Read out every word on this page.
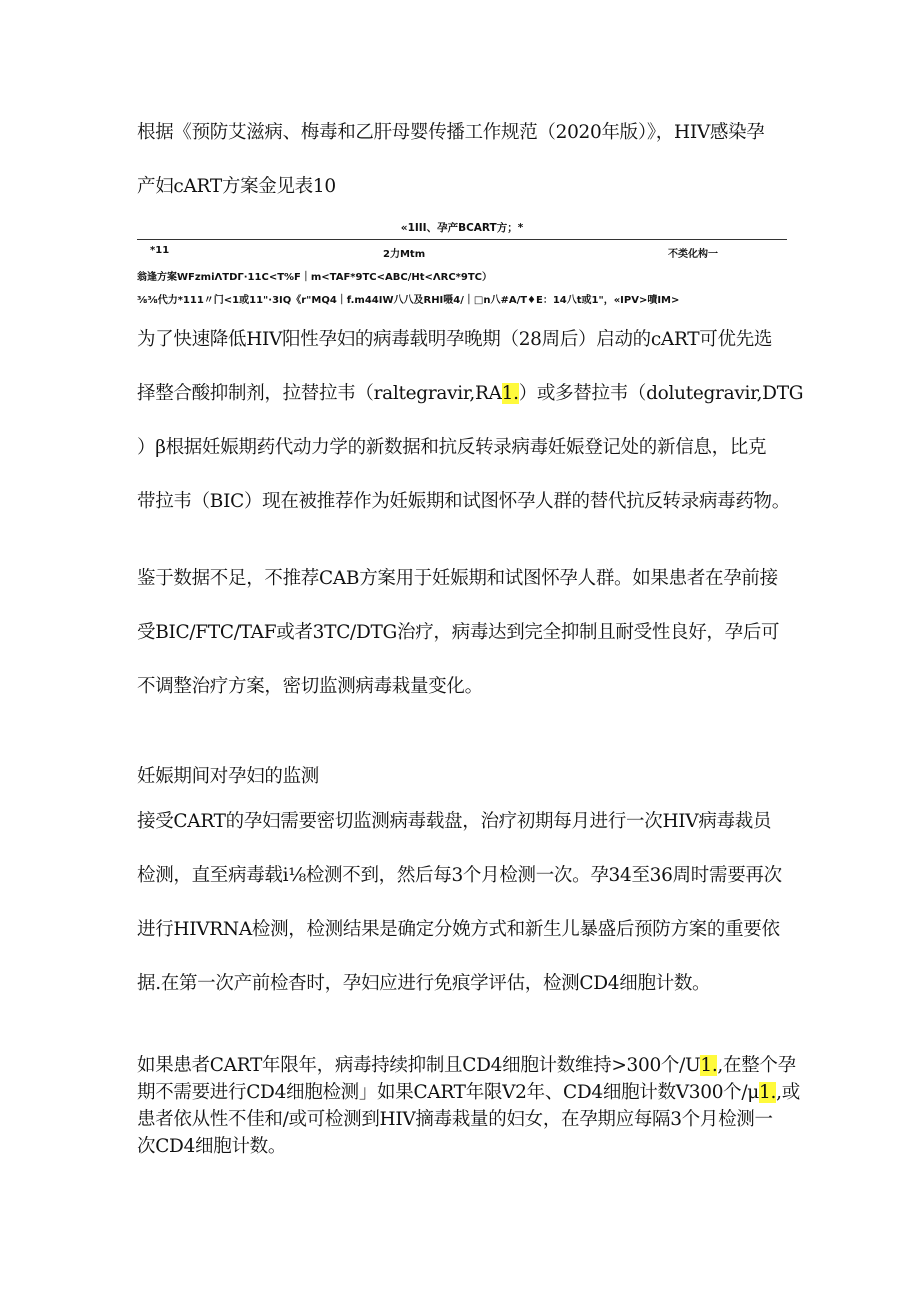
根据《预防艾滋病、梅毒和乙肝母婴传播工作规范（2020年版）》，HIV感染孕
产妇cART方案金见表10
«1III、孕产BCART方；*
*11	2力Mtm	不类化构一
翁逢方案WFzmiΛTDΓ·11C<T%F｜m<TAF*9TC<ABC/Ht<ΛRC*9TC）
⅜⅜代力*111〃门<1或11"·3IQ《r"MQ4｜f.m44IW八八及RHI嗫4/｜□n八#A/T♦E：14八t或1"，«IPV>嘖IM>
为了快速降低HIV阳性孕妇的病毒载明孕晚期（28周后）启动的cART可优先选
择整合酸抑制剂，拉替拉韦（raltegravir,RA1.）或多替拉韦（dolutegravir,DTG
）β根据妊娠期药代动力学的新数据和抗反转录病毒妊娠登记处的新信息，比克
带拉韦（BIC）现在被推荐作为妊娠期和试图怀孕人群的替代抗反转录病毒药物。
鉴于数据不足，不推荐CAB方案用于妊娠期和试图怀孕人群。如果患者在孕前接
受BIC/FTC/TAF或者3TC/DTG治疗，病毒达到完全抑制且耐受性良好，孕后可
不调整治疗方案，密切监测病毒栽量变化。
妊娠期间对孕妇的监测
接受CART的孕妇需要密切监测病毒载盘，治疗初期每月进行一次HIV病毒裁员
检测，直至病毒载i⅛检测不到，然后每3个月检测一次。孕34至36周时需要再次
进行HIVRNA检测，检测结果是确定分娩方式和新生儿暴盛后预防方案的重要依
据.在第一次产前检杳时，孕妇应进行免痕学评估，检测CD4细胞计数。
如果患者CART年限年，病毒持续抑制且CD4细胞计数维持>300个/U1.,在整个孕
期不需要进行CD4细胞检测」如果CART年限V2年、CD4细胞计数V300个/μ1.,或
患者依从性不佳和/或可检测到HIV摘毒栽量的妇女，在孕期应每隔3个月检测一
次CD4细胞计数。
